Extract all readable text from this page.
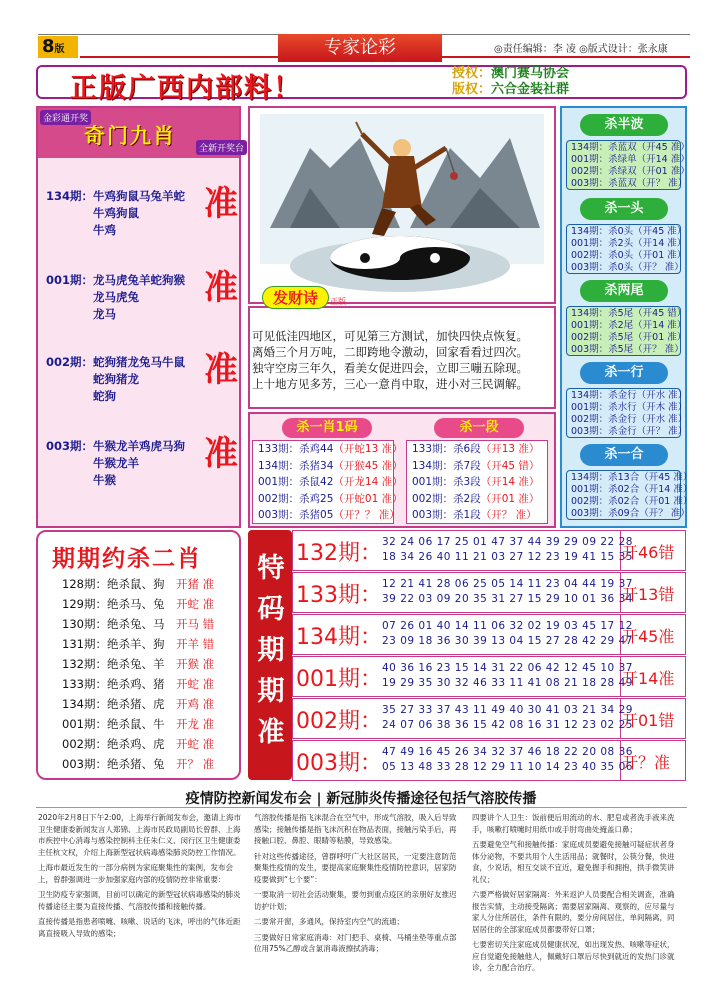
8版	专家论彩	◎责任编辑：李 凌 ◎版式设计：张永康
正版广西内部料！	授权：澳门赛马协会
版权：六合金装社群
金彩通开奖
全新开奖台
奇门九肖
134期：牛鸡狗鼠马兔羊蛇
牛鸡狗鼠
牛鸡
准
001期：龙马虎兔羊蛇狗猴
龙马虎兔
龙马
准
002期：蛇狗猪龙兔马牛鼠
蛇狗猪龙
蛇狗
准
003期：牛猴龙羊鸡虎马狗
牛猴龙羊
牛猴
准
发财诗	正版
可见低洼四地区，可见第三方测试，加快四快点恢复。
离婚三个月万吨，二即跨地令激动，回家看看过四次。
独守空房三年久，看美女促进四会，立即三嘣五除现。
上十地方见多芳，三心一意肖中取，进小对三民调解。
杀一肖1码	杀一段
133期：杀鸡44（开蛇13 准）
134期：杀猪34（开猴45 准）
001期：杀鼠42（开龙14 准）
002期：杀鸡25（开蛇01 准）
003期：杀猪05（开？？ 准）
133期：杀6段（开13 准）
134期：杀7段（开45 错）
001期：杀3段（开14 准）
002期：杀2段（开01 准）
003期：杀1段（开？ 准）
杀半波
134期：杀蓝双（开45 准）
001期：杀绿单（开14 准）
002期：杀绿双（开01 准）
003期：杀蓝双（开？ 准）
杀一头
134期：杀0头（开45 准）
001期：杀2头（开14 准）
002期：杀0头（开01 准）
003期：杀0头（开？ 准）
杀两尾
134期：杀5尾（开45 错）
001期：杀2尾（开14 准）
002期：杀5尾（开01 准）
003期：杀5尾（开？ 准）
杀一行
134期：杀金行（开水 准）
001期：杀水行（开木 准）
002期：杀金行（开水 准）
003期：杀金行（开？ 准）
杀一合
134期：杀13合（开45 准）
001期：杀02合（开14 准）
002期：杀02合（开01 准）
003期：杀09合（开？ 准）
期期约杀二肖
128期：绝杀鼠、狗　 开猪 准
129期：绝杀马、兔　 开蛇 准
130期：绝杀兔、马　 开马 错
131期：绝杀羊、狗　 开羊 错
132期：绝杀兔、羊　 开猴 准
133期：绝杀鸡、猪　 开蛇 准
134期：绝杀猪、虎　 开鸡 准
001期：绝杀鼠、牛　 开龙 准
002期：绝杀鸡、虎　 开蛇 准
003期：绝杀猪、兔　 开？ 准
特
码
期
期
准
132期： 32 24 06 17 25 01 47 37 44 39 29 09 22 28
18 34 26 40 11 21 03 27 12 23 19 41 15 35
开46错
133期： 12 21 41 28 06 25 05 14 11 23 04 44 19 37
39 22 03 09 20 35 31 27 15 29 10 01 36 34
开13错
134期： 07 26 01 40 14 11 06 32 02 19 03 45 17 12
23 09 18 36 30 39 13 04 15 27 28 42 29 47
开45准
001期： 40 36 16 23 15 14 31 22 06 42 12 45 10 37
19 29 35 30 32 46 33 11 41 08 21 18 28 49
开14准
002期： 35 27 33 37 43 11 49 40 30 41 03 21 34 29
24 07 06 38 36 15 42 08 16 31 12 23 02 25
开01错
003期： 47 49 16 45 26 34 32 37 46 18 22 20 08 36
05 13 48 33 28 12 29 11 10 14 23 40 35 06
开？准
疫情防控新闻发布会 | 新冠肺炎传播途径包括气溶胶传播

2020年2月8日下午2:00，上海举行新闻发布会，邀请上海市卫生健康委新闻发言人郑锦、上海市民政局副局长曾群、上海市疾控中心消毒与感染控制科主任朱仁义、闵行区卫生健康委主任杭文权，介绍上海新型冠状病毒感染肺炎防控工作情况。

上海市最近发生的一部分病例为家庭聚集性的案例，发布会上，曾群强调进一步加强家庭内部的疫情防控非常重要：

卫生防疫专家强调，目前可以确定的新型冠状病毒感染的肺炎传播途径主要为直接传播、气溶胶传播和接触传播。

直接传播是指患者喷嚏、咳嗽、说话的飞沫，呼出的气体近距离直接吸入导致的感染；

气溶胶传播是指飞沫混合在空气中，形成气溶胶，吸入后导致感染；接触传播是指飞沫沉积在物品表面，接触污染手后，再接触口腔、鼻腔、眼睛等粘膜，导致感染。

针对这些传播途径，曾群呼吁广大社区居民，一定要注意防范聚集性疫情的发生，要提高家庭聚集性疫情防控意识，居家防疫要做到“七个要”：

一要取消一切社会活动聚集，要勿到重点疫区的亲朋好友推迟访护计划；

二要常开窗，多通风，保持室内空气的流通；

三要做好日常家庭消毒：对门把手、桌椅、马桶坐垫等重点部位用75%乙醇或含氯消毒液擦拭消毒；

四要讲个人卫生：饭前便后用流动的水、肥皂或者洗手液来洗手，咳嗽打喷嚏时用纸巾或手肘弯曲处掩盖口鼻；

五要避免空气和接触传播：家庭成员要避免接触可疑症状者身体分泌物，不要共用个人生活用品；就餐时，公筷分餐，快进食，少说话，相互交谈不宜近，避免握手和拥抱，拱手微笑讲礼仪；

六要严格做好居家隔离：外来返沪人员要配合相关调查，准确报告实情，主动接受隔离；需要居家隔离、观察的，应尽量与家人分住所居住，条件有限的，要分房间居住，单间隔离，同居居住的全部家庭成员都要带好口罩；

七要密切关注家庭成员健康状况，如出现发热、咳嗽等症状，应自觉避免接触他人，佩戴好口罩后尽快到就近的发热门诊就诊，全力配合治疗。
